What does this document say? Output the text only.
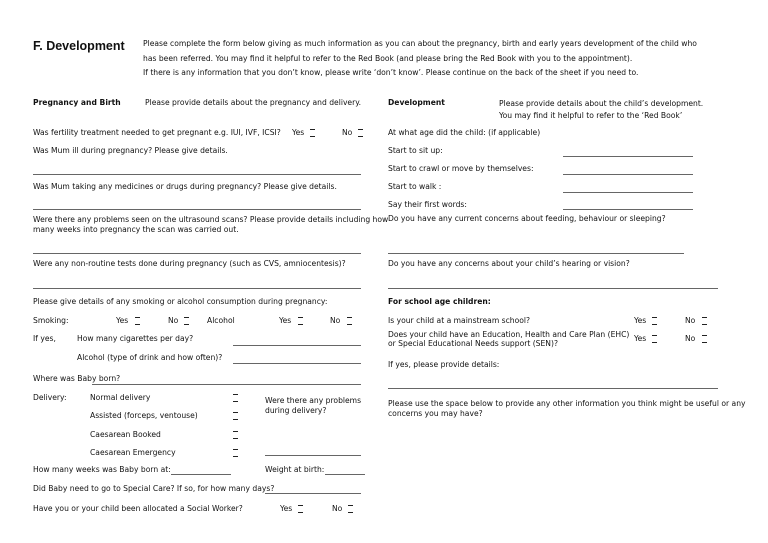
F. Development Please complete the form below giving as much information as you can about the pregnancy, birth and early years development of the child who
has been referred. You may find it helpful to refer to the Red Book (and please bring the Red Book with you to the appointment).
If there is any information that you don’t know, please write ‘don’t know’. Please continue on the back of the sheet if you need to.
Pregnancy and Birth	Please provide details about the pregnancy and delivery.
Was fertility treatment needed to get pregnant e.g. IUI, IVF, ICSI? Yes	No
Was Mum ill during pregnancy? Please give details.
Was Mum taking any medicines or drugs during pregnancy? Please give details.
Were there any problems seen on the ultrasound scans? Please provide details including how
many weeks into pregnancy the scan was carried out.
Were any non-routine tests done during pregnancy (such as CVS, amniocentesis)?
Please give details of any smoking or alcohol consumption during pregnancy:
Smoking:	Yes	No	Alcohol	Yes	No
If yes,	How many cigarettes per day?
Alcohol (type of drink and how often)?
Where was Baby born?
Delivery:	Normal delivery
Assisted (forceps, ventouse)
Caesarean Booked
Caesarean Emergency
Were there any problems
during delivery?
How many weeks was Baby born at:	Weight at birth:
Did Baby need to go to Special Care? If so, for how many days?
Have you or your child been allocated a Social Worker?	Yes	No
Development	Please provide details about the child’s development.
You may find it helpful to refer to the ‘Red Book’
At what age did the child: (if applicable)
Start to sit up:
Start to crawl or move by themselves:
Start to walk :
Say their first words:
Do you have any current concerns about feeding, behaviour or sleeping?
Do you have any concerns about your child’s hearing or vision?
For school age children:
Is your child at a mainstream school?	Yes	No
Does your child have an Education, Health and Care Plan (EHC)
or Special Educational Needs support (SEN)?
Yes	No
If yes, please provide details:
Please use the space below to provide any other information you think might be useful or any
concerns you may have?
